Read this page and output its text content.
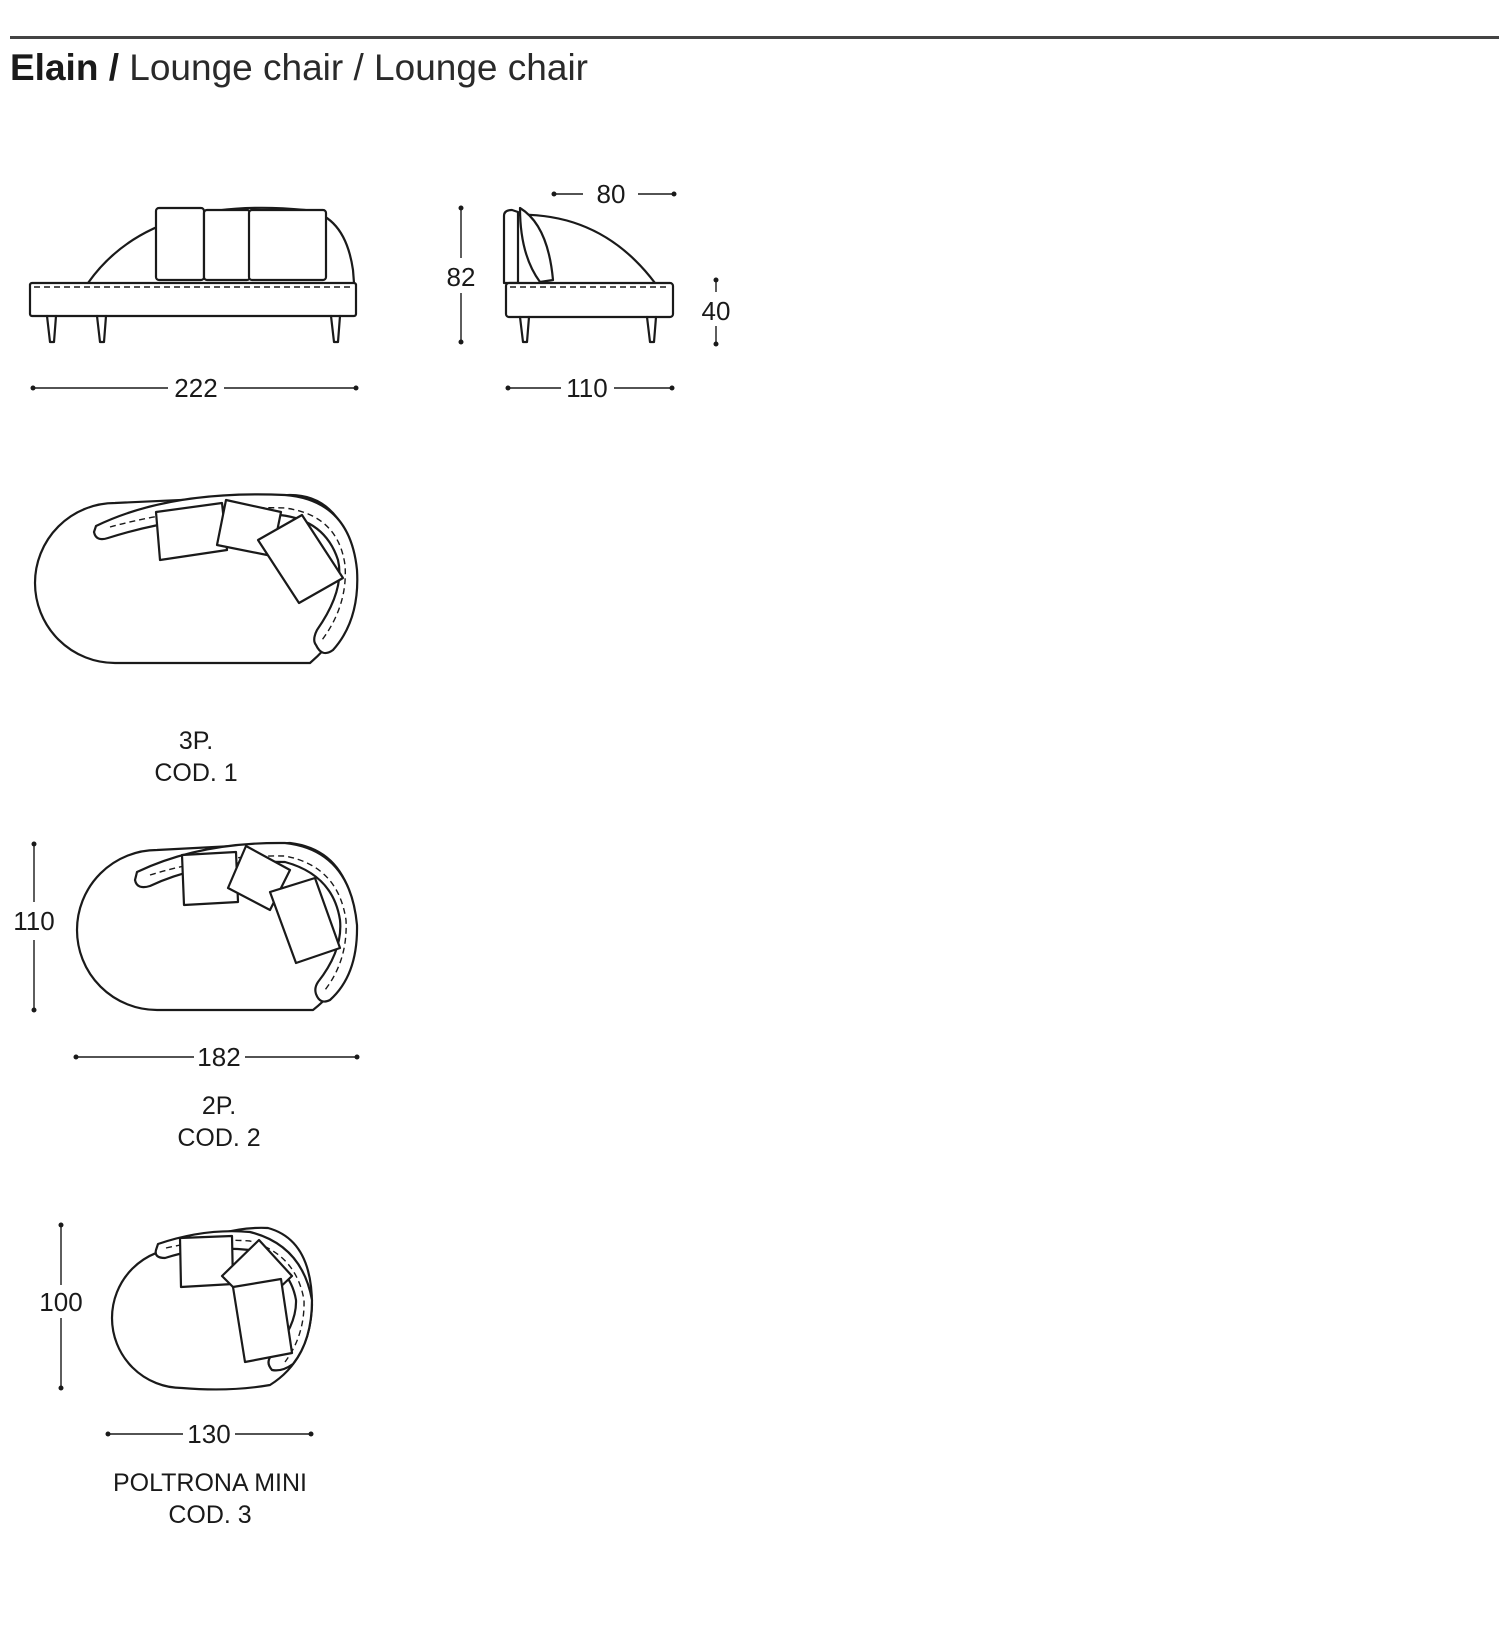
Elain / Lounge chair / Lounge chair
222
80
82
40
110
3P.
COD. 1
110
182
2P.
COD. 2
100
130
POLTRONA MINI
COD. 3
